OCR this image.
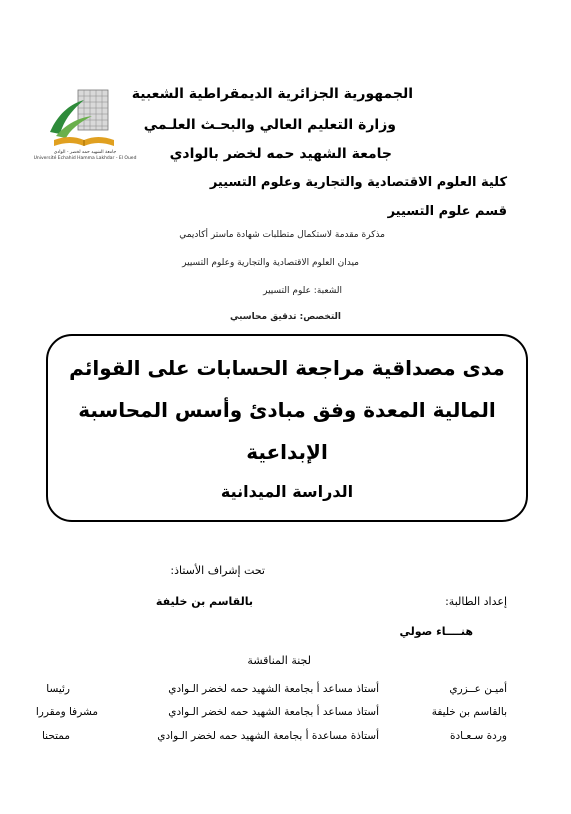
جامعة الشهيد حمه لخضر - الوادي
Université Echahid Hamma Lakhdar - El Oued
الجمهورية الجزائرية الديمقراطية الشعبية
وزارة التعليم العالي والبحـث العلـمي
جامعة الشهيد حمه لخضر بالوادي
كلية العلوم الاقتصادية والتجارية وعلوم التسيير
قسم علوم التسيير
مذكرة مقدمة لاستكمال متطلبات شهادة ماستر أكاديمي
ميدان العلوم الاقتصادية والتجارية وعلوم التسيير
الشعبة: علوم التسيير
التخصص: تدقيق محاسبي
مدى مصداقية مراجعة الحسابات على القوائم
المالية المعدة وفق مبادئ وأسس المحاسبة
الإبداعية
الدراسة الميدانية
تحت إشراف الأستاذ:
بالقاسم بن خليفة	إعداد الطالبة:
هنــــاء صولي
لجنة المناقشة
أميـن عــزري
أستاذ مساعد أ بجامعة الشهيد حمه لخضر الـوادي
رئيسا
بالقاسم بن خليفة
أستاذ مساعد أ بجامعة الشهيد حمه لخضر الـوادي
مشرفا ومقررا
وردة سـعـادة
أستاذة مساعدة أ بجامعة الشهيد حمه لخضر الـوادي
ممتحنا
